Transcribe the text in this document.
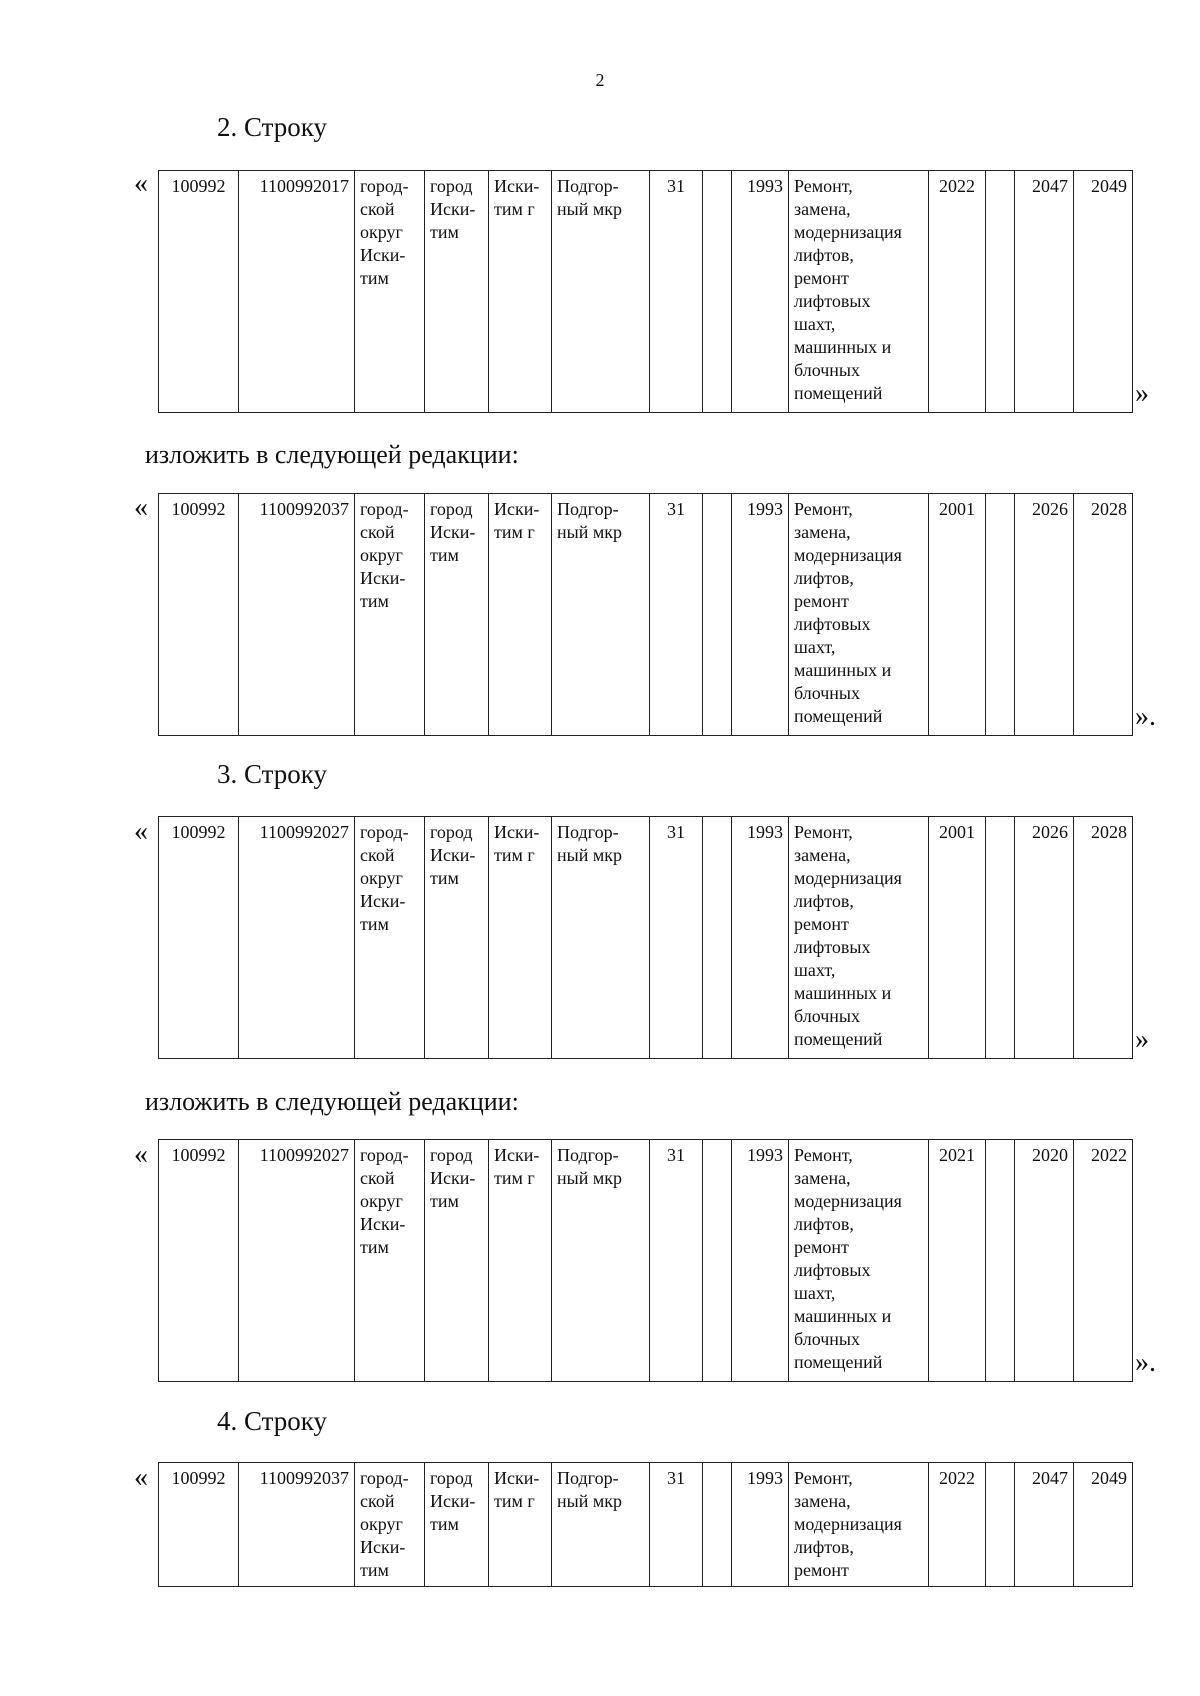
2
2. Строку
« 100992	1100992017	город-
ской
округ
Иски-
тим	город
Иски-
тим	Иски-
тим г	Подгор-
ный мкр	31		1993	Ремонт,
замена,
модернизация
лифтов,
ремонт
лифтовых
шахт,
машинных и
блочных
помещений	2022		2047	2049
»
изложить в следующей редакции:
« 100992	1100992037	город-
ской
округ
Иски-
тим	город
Иски-
тим	Иски-
тим г	Подгор-
ный мкр	31		1993	Ремонт,
замена,
модернизация
лифтов,
ремонт
лифтовых
шахт,
машинных и
блочных
помещений	2001		2026	2028
».
3. Строку
« 100992	1100992027	город-
ской
округ
Иски-
тим	город
Иски-
тим	Иски-
тим г	Подгор-
ный мкр	31		1993	Ремонт,
замена,
модернизация
лифтов,
ремонт
лифтовых
шахт,
машинных и
блочных
помещений	2001		2026	2028
»
изложить в следующей редакции:
« 100992	1100992027	город-
ской
округ
Иски-
тим	город
Иски-
тим	Иски-
тим г	Подгор-
ный мкр	31		1993	Ремонт,
замена,
модернизация
лифтов,
ремонт
лифтовых
шахт,
машинных и
блочных
помещений	2021		2020	2022
».
4. Строку
« 100992	1100992037	город-
ской
округ
Иски-
тим	город
Иски-
тим	Иски-
тим г	Подгор-
ный мкр	31		1993	Ремонт,
замена,
модернизация
лифтов,
ремонт	2022		2047	2049
